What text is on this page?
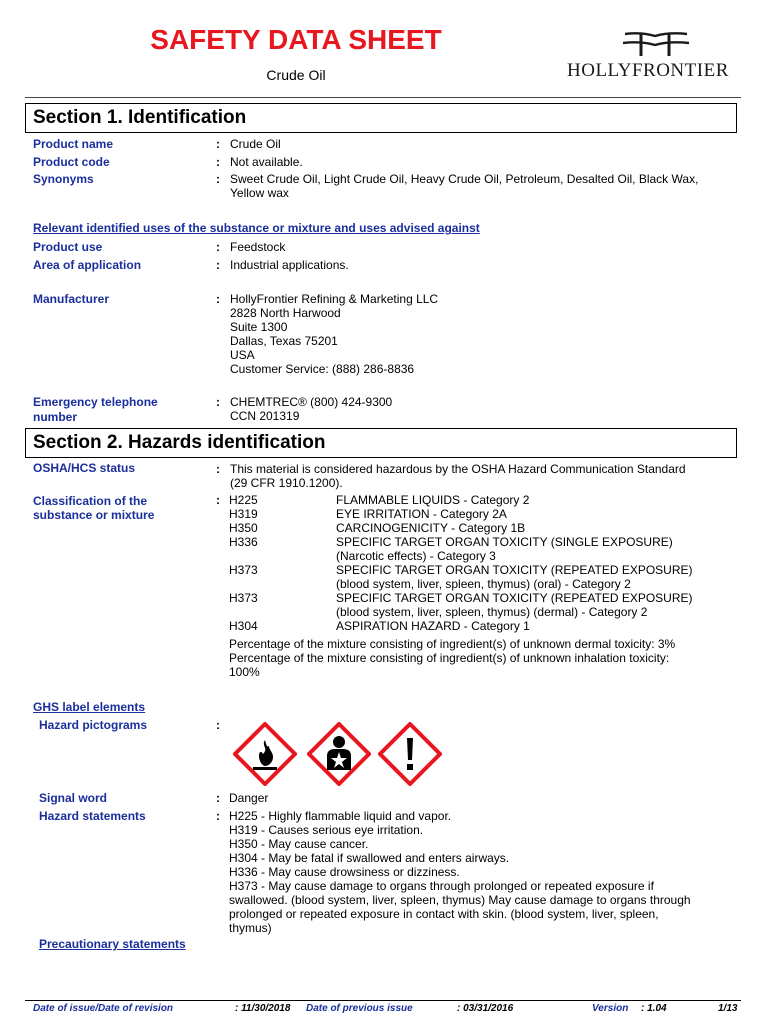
SAFETY DATA SHEET
Crude Oil	HOLLYFRONTIER
Section 1. Identification
Product name	: Crude Oil
Product code	: Not available.
Synonyms	: Sweet Crude Oil, Light Crude Oil, Heavy Crude Oil, Petroleum, Desalted Oil, Black Wax,
Yellow wax
Relevant identified uses of the substance or mixture and uses advised against
Product use	: Feedstock
Area of application	: Industrial applications.
Manufacturer	: HollyFrontier Refining & Marketing LLC
2828 North Harwood
Suite 1300
Dallas, Texas 75201
USA
Customer Service: (888) 286-8836
Emergency telephone
number
: CHEMTREC® (800) 424-9300
CCN 201319
Section 2. Hazards identification
OSHA/HCS status	: This material is considered hazardous by the OSHA Hazard Communication Standard
(29 CFR 1910.1200).
Classification of the
substance or mixture
: H225	FLAMMABLE LIQUIDS - Category 2
H319	EYE IRRITATION - Category 2A
H350	CARCINOGENICITY - Category 1B
H336	SPECIFIC TARGET ORGAN TOXICITY (SINGLE EXPOSURE)
(Narcotic effects) - Category 3
H373	SPECIFIC TARGET ORGAN TOXICITY (REPEATED EXPOSURE)
(blood system, liver, spleen, thymus) (oral) - Category 2
H373	SPECIFIC TARGET ORGAN TOXICITY (REPEATED EXPOSURE)
(blood system, liver, spleen, thymus) (dermal) - Category 2
H304	ASPIRATION HAZARD - Category 1
Percentage of the mixture consisting of ingredient(s) of unknown dermal toxicity: 3%
Percentage of the mixture consisting of ingredient(s) of unknown inhalation toxicity:
100%
GHS label elements
Hazard pictograms	:
Signal word	: Danger
Hazard statements	: H225 - Highly flammable liquid and vapor.
H319 - Causes serious eye irritation.
H350 - May cause cancer.
H304 - May be fatal if swallowed and enters airways.
H336 - May cause drowsiness or dizziness.
H373 - May cause damage to organs through prolonged or repeated exposure if
swallowed. (blood system, liver, spleen, thymus) May cause damage to organs through
prolonged or repeated exposure in contact with skin. (blood system, liver, spleen,
thymus)
Precautionary statements
Date of issue/Date of revision	: 11/30/2018 Date of previous issue	: 03/31/2016	Version : 1.04	1/13
